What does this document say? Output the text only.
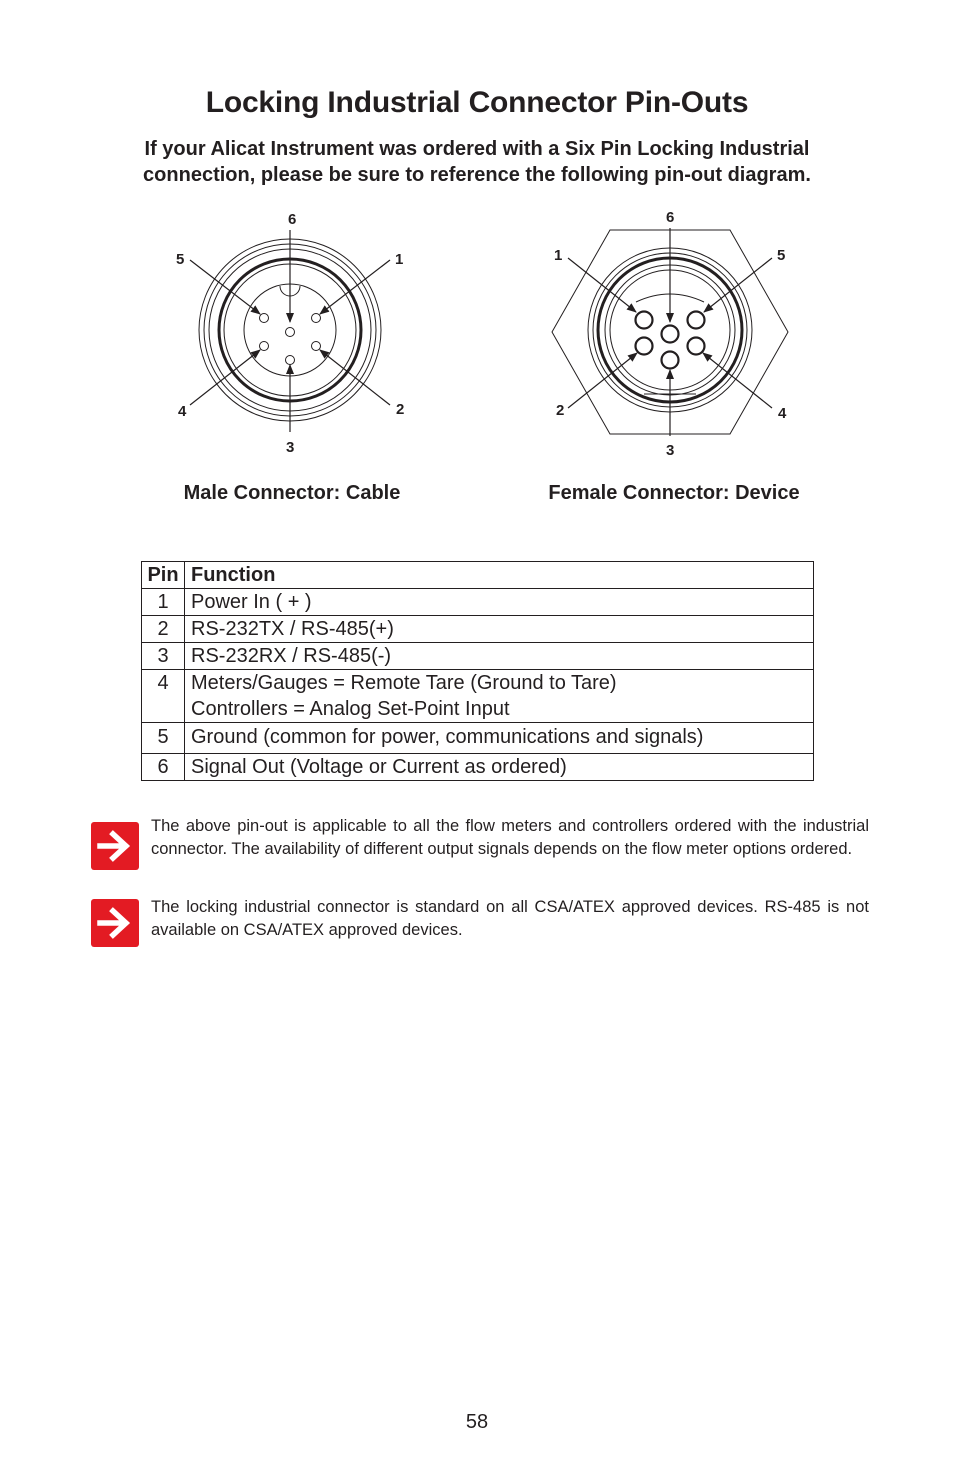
Locking Industrial Connector Pin-Outs
If your Alicat Instrument was ordered with a Six Pin Locking Industrial connection, please be sure to reference the following pin-out diagram.
6
5	1
4	2
3
6
1	5
2	4
3
Male Connector: Cable	Female Connector: Device
Pin	Function
1	Power In ( + )
2	RS-232TX / RS-485(+)
3	RS-232RX / RS-485(-)
4	Meters/Gauges = Remote Tare (Ground to Tare)
Controllers = Analog Set-Point Input

5	Ground (common for power, communications and signals)
6	Signal Out (Voltage or Current as ordered)
The above pin-out is applicable to all the flow meters and controllers ordered with the industrial connector. The availability of different output signals depends on the flow meter options ordered.
The locking industrial connector is standard on all CSA/ATEX approved devices. RS-485 is not available on CSA/ATEX approved devices.
58
